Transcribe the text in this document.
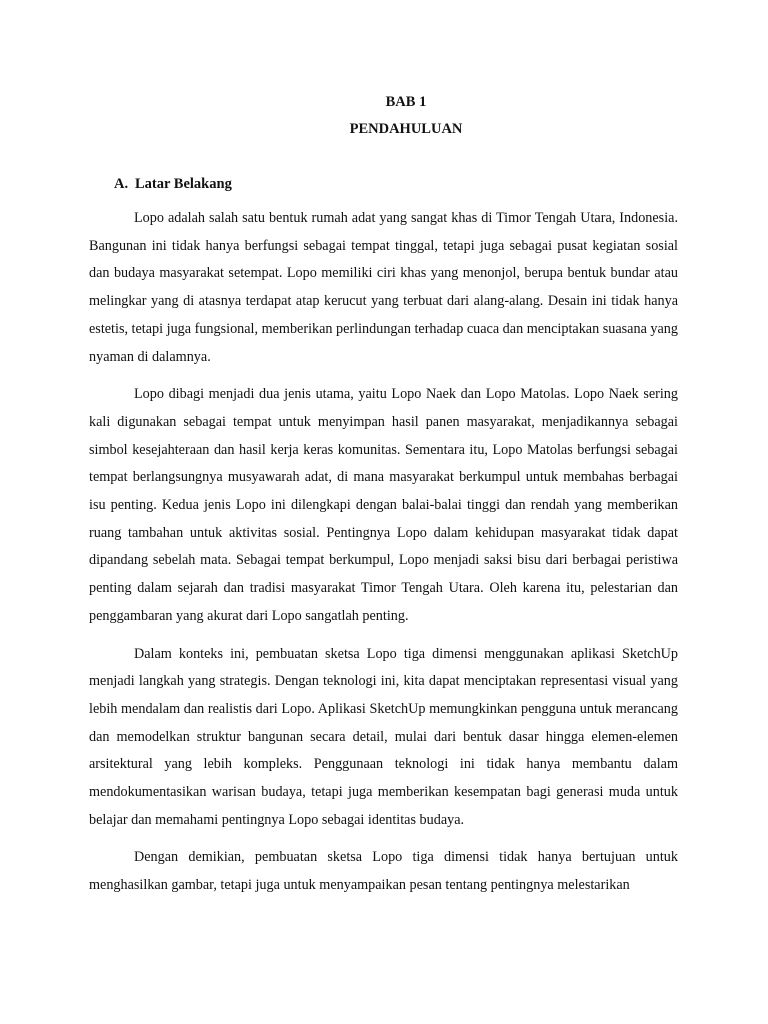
BAB 1
PENDAHULUAN
A. Latar Belakang

Lopo adalah salah satu bentuk rumah adat yang sangat khas di Timor Tengah Utara, Indonesia. Bangunan ini tidak hanya berfungsi sebagai tempat tinggal, tetapi juga sebagai pusat kegiatan sosial dan budaya masyarakat setempat. Lopo memiliki ciri khas yang menonjol, berupa bentuk bundar atau melingkar yang di atasnya terdapat atap kerucut yang terbuat dari alang-alang. Desain ini tidak hanya estetis, tetapi juga fungsional, memberikan perlindungan terhadap cuaca dan menciptakan suasana yang nyaman di dalamnya.

Lopo dibagi menjadi dua jenis utama, yaitu Lopo Naek dan Lopo Matolas. Lopo Naek sering kali digunakan sebagai tempat untuk menyimpan hasil panen masyarakat, menjadikannya sebagai simbol kesejahteraan dan hasil kerja keras komunitas. Sementara itu, Lopo Matolas berfungsi sebagai tempat berlangsungnya musyawarah adat, di mana masyarakat berkumpul untuk membahas berbagai isu penting. Kedua jenis Lopo ini dilengkapi dengan balai-balai tinggi dan rendah yang memberikan ruang tambahan untuk aktivitas sosial. Pentingnya Lopo dalam kehidupan masyarakat tidak dapat dipandang sebelah mata. Sebagai tempat berkumpul, Lopo menjadi saksi bisu dari berbagai peristiwa penting dalam sejarah dan tradisi masyarakat Timor Tengah Utara. Oleh karena itu, pelestarian dan penggambaran yang akurat dari Lopo sangatlah penting.

Dalam konteks ini, pembuatan sketsa Lopo tiga dimensi menggunakan aplikasi SketchUp menjadi langkah yang strategis. Dengan teknologi ini, kita dapat menciptakan representasi visual yang lebih mendalam dan realistis dari Lopo. Aplikasi SketchUp memungkinkan pengguna untuk merancang dan memodelkan struktur bangunan secara detail, mulai dari bentuk dasar hingga elemen-elemen arsitektural yang lebih kompleks. Penggunaan teknologi ini tidak hanya membantu dalam mendokumentasikan warisan budaya, tetapi juga memberikan kesempatan bagi generasi muda untuk belajar dan memahami pentingnya Lopo sebagai identitas budaya.

Dengan demikian, pembuatan sketsa Lopo tiga dimensi tidak hanya bertujuan untuk menghasilkan gambar, tetapi juga untuk menyampaikan pesan tentang pentingnya melestarikan
